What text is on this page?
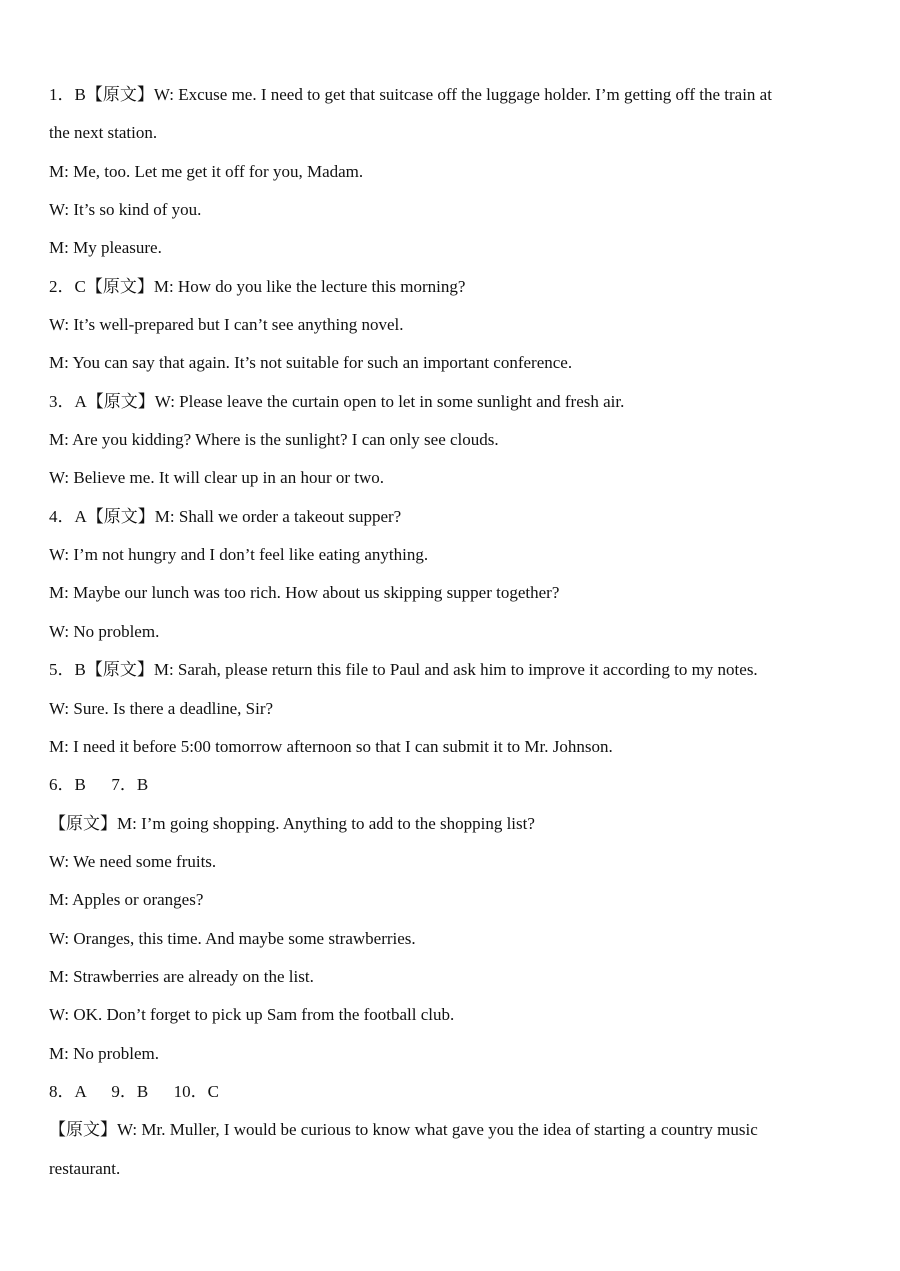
1．B【原文】W: Excuse me. I need to get that suitcase off the luggage holder. I’m getting off the train at
the next station.
M: Me, too. Let me get it off for you, Madam.
W: It’s so kind of you.
M: My pleasure.
2．C【原文】M: How do you like the lecture this morning?
W: It’s well-prepared but I can’t see anything novel.
M: You can say that again. It’s not suitable for such an important conference.
3．A【原文】W: Please leave the curtain open to let in some sunlight and fresh air.
M: Are you kidding? Where is the sunlight? I can only see clouds.
W: Believe me. It will clear up in an hour or two.
4．A【原文】M: Shall we order a takeout supper?
W: I’m not hungry and I don’t feel like eating anything.
M: Maybe our lunch was too rich. How about us skipping supper together?
W: No problem.
5．B【原文】M: Sarah, please return this file to Paul and ask him to improve it according to my notes.
W: Sure. Is there a deadline, Sir?
M: I need it before 5:00 tomorrow afternoon so that I can submit it to Mr. Johnson.
6．B      7．B
【原文】M: I’m going shopping. Anything to add to the shopping list?
W: We need some fruits.
M: Apples or oranges?
W: Oranges, this time. And maybe some strawberries.
M: Strawberries are already on the list.
W: OK. Don’t forget to pick up Sam from the football club.
M: No problem.
8．A      9．B      10．C
【原文】W: Mr. Muller, I would be curious to know what gave you the idea of starting a country music
restaurant.
